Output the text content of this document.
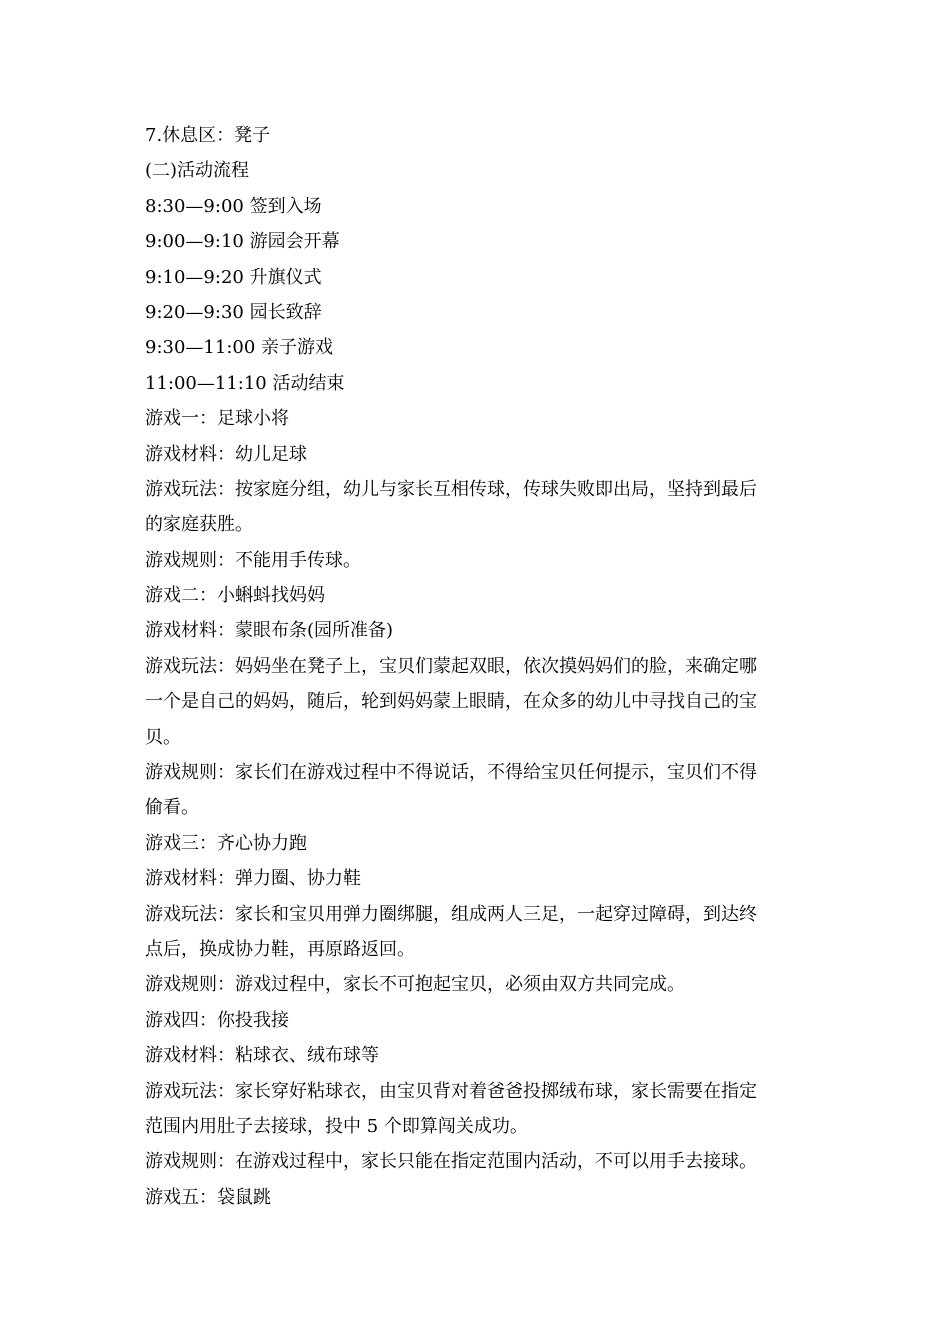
7.休息区：凳子
(二)活动流程
8:30—9:00 签到入场
9:00—9:10 游园会开幕
9:10—9:20 升旗仪式
9:20—9:30 园长致辞
9:30—11:00 亲子游戏
11:00—11:10 活动结束
游戏一：足球小将
游戏材料：幼儿足球
游戏玩法：按家庭分组，幼儿与家长互相传球，传球失败即出局，坚持到最后
的家庭获胜。
游戏规则：不能用手传球。
游戏二：小蝌蚪找妈妈
游戏材料：蒙眼布条(园所准备)
游戏玩法：妈妈坐在凳子上，宝贝们蒙起双眼，依次摸妈妈们的脸，来确定哪
一个是自己的妈妈，随后，轮到妈妈蒙上眼睛，在众多的幼儿中寻找自己的宝
贝。
游戏规则：家长们在游戏过程中不得说话，不得给宝贝任何提示，宝贝们不得
偷看。
游戏三：齐心协力跑
游戏材料：弹力圈、协力鞋
游戏玩法：家长和宝贝用弹力圈绑腿，组成两人三足，一起穿过障碍，到达终
点后，换成协力鞋，再原路返回。
游戏规则：游戏过程中，家长不可抱起宝贝，必须由双方共同完成。
游戏四：你投我接
游戏材料：粘球衣、绒布球等
游戏玩法：家长穿好粘球衣，由宝贝背对着爸爸投掷绒布球，家长需要在指定
范围内用肚子去接球，投中 5 个即算闯关成功。
游戏规则：在游戏过程中，家长只能在指定范围内活动，不可以用手去接球。
游戏五：袋鼠跳
